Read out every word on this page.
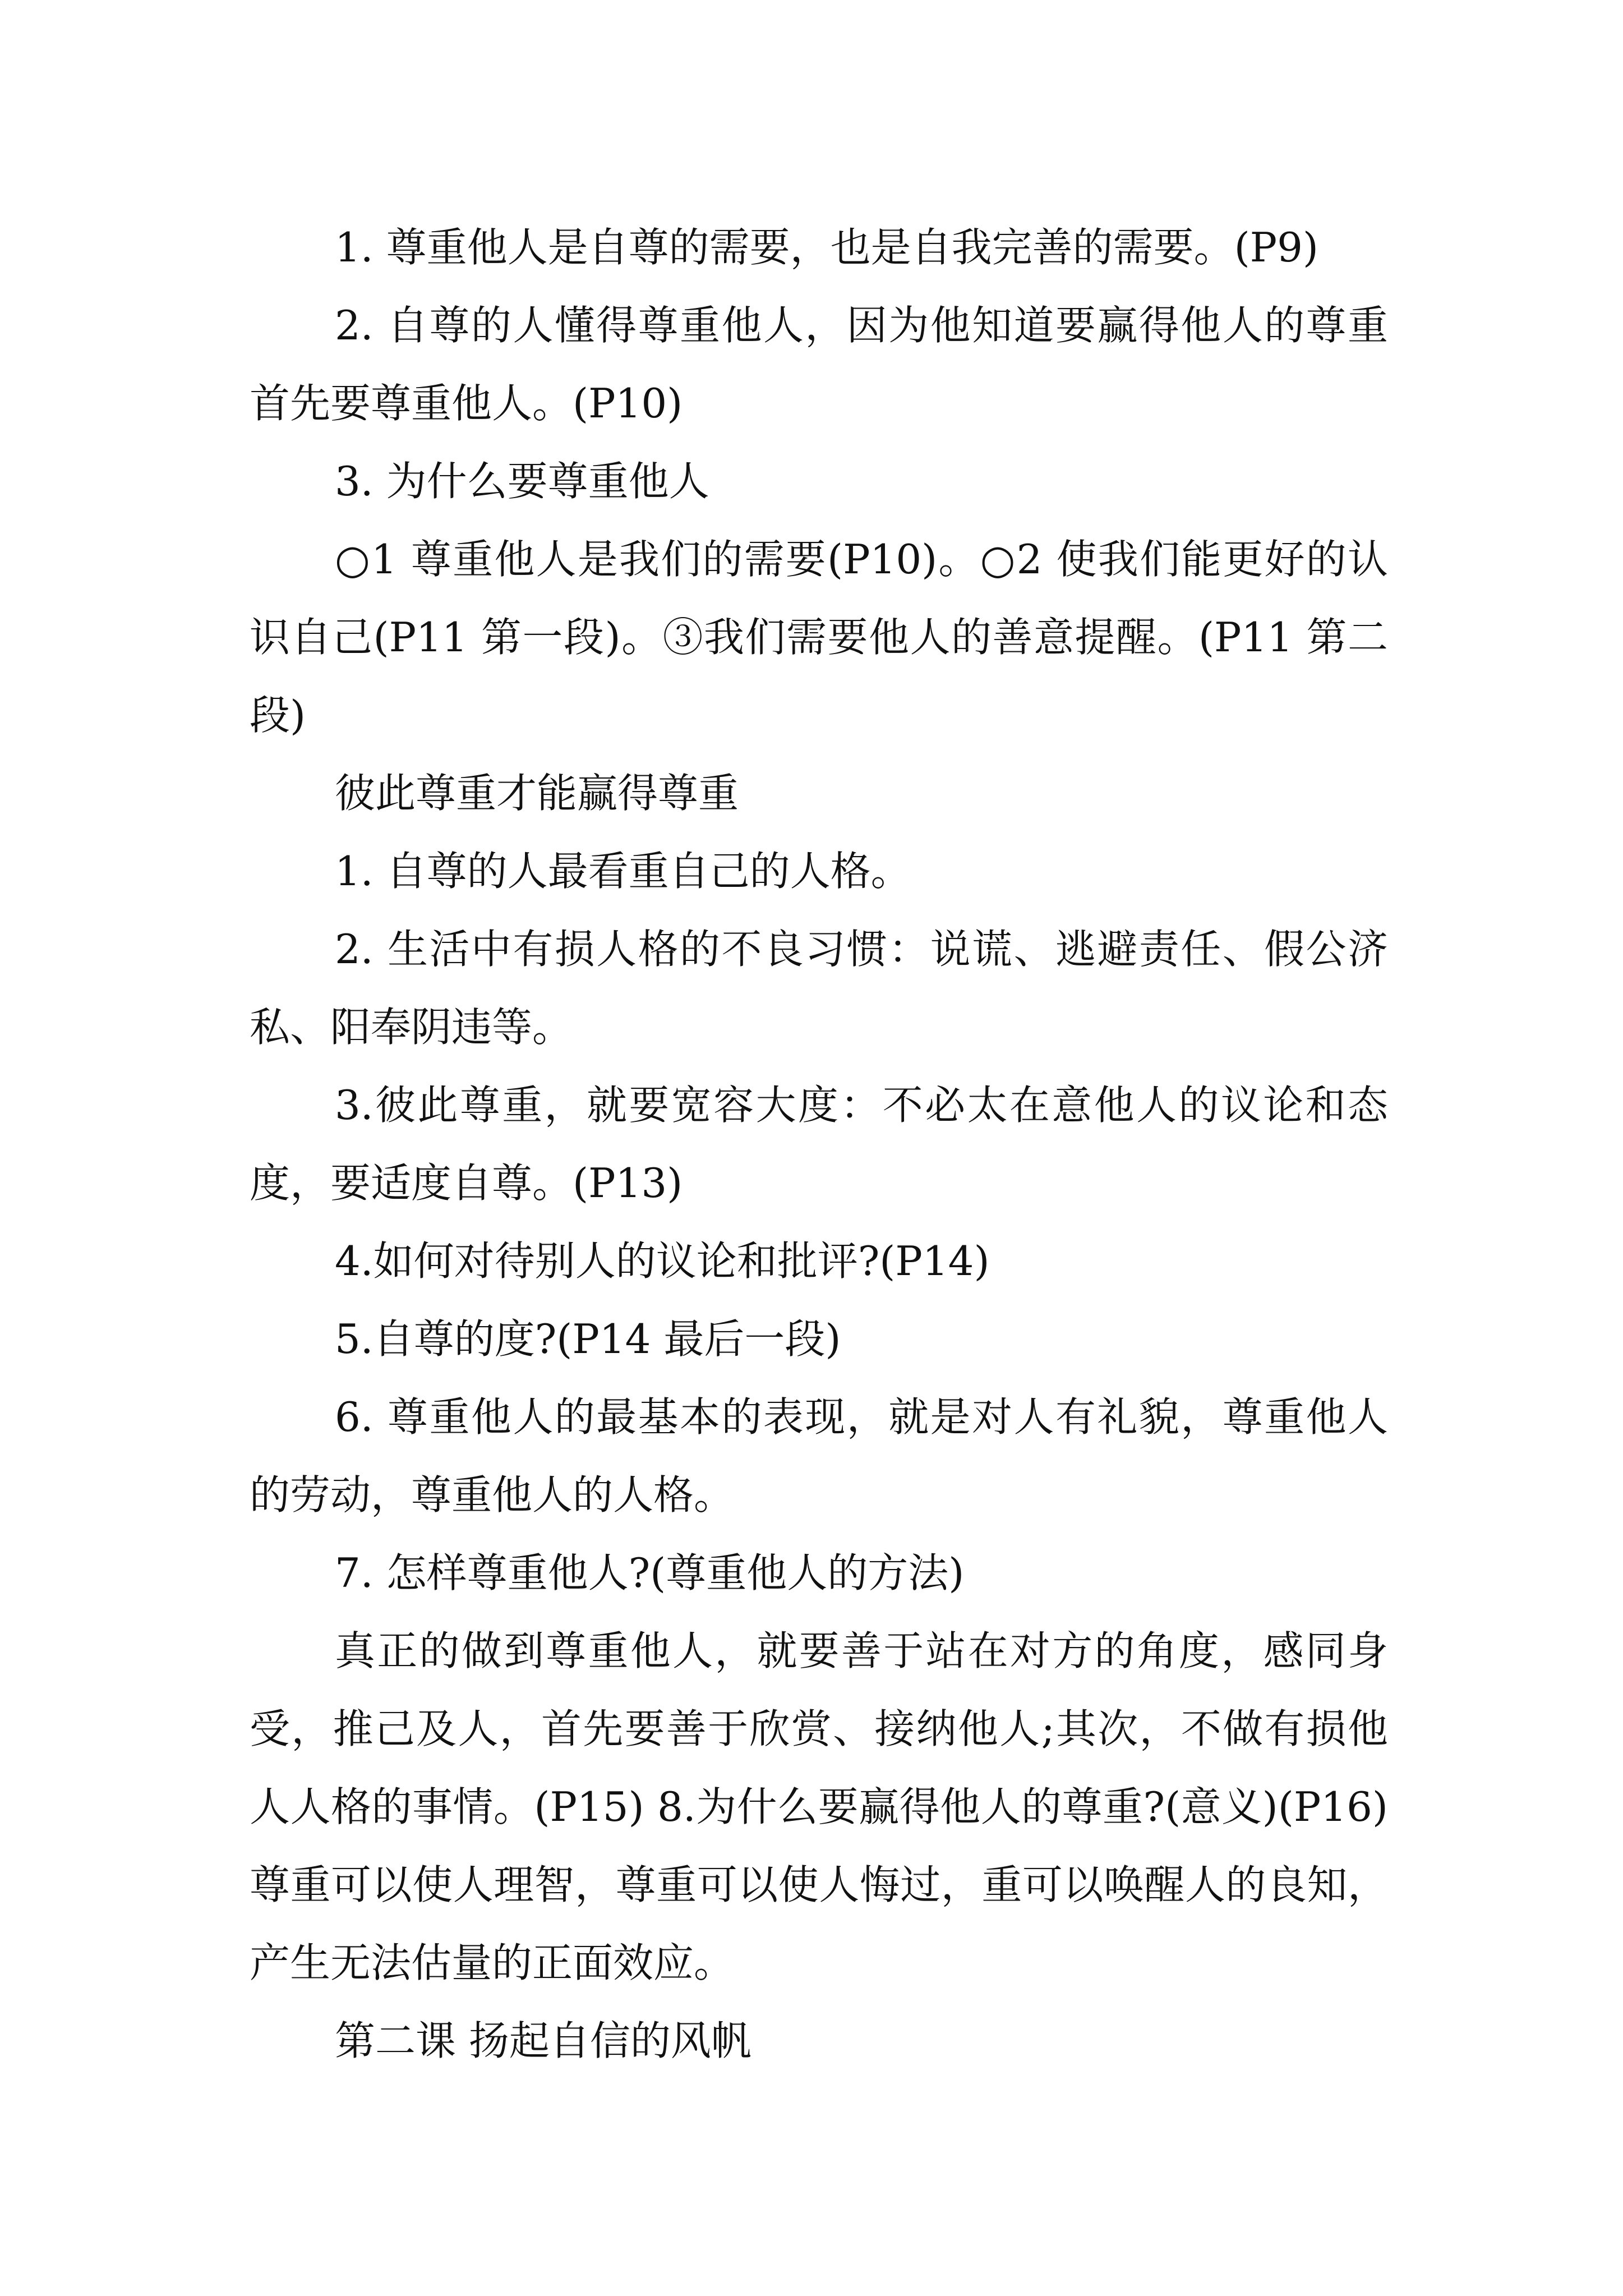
1. 尊重他人是自尊的需要，也是自我完善的需要。(P9)

2. 自尊的人懂得尊重他人，因为他知道要赢得他人的尊重首先要尊重他人。(P10)

3. 为什么要尊重他人

○1 尊重他人是我们的需要(P10)。○2 使我们能更好的认识自己(P11 第一段)。③我们需要他人的善意提醒。(P11 第二段)

彼此尊重才能赢得尊重

1. 自尊的人最看重自己的人格。

2. 生活中有损人格的不良习惯：说谎、逃避责任、假公济私、阳奉阴违等。

3.彼此尊重，就要宽容大度：不必太在意他人的议论和态度，要适度自尊。(P13)

4.如何对待别人的议论和批评?(P14)

5.自尊的度?(P14 最后一段)

6. 尊重他人的最基本的表现，就是对人有礼貌，尊重他人的劳动，尊重他人的人格。

7. 怎样尊重他人?(尊重他人的方法)

真正的做到尊重他人，就要善于站在对方的角度，感同身受，推己及人，首先要善于欣赏、接纳他人;其次，不做有损他人人格的事情。(P15) 8.为什么要赢得他人的尊重?(意义)(P16) 尊重可以使人理智，尊重可以使人悔过，重可以唤醒人的良知，产生无法估量的正面效应。

第二课 扬起自信的风帆
